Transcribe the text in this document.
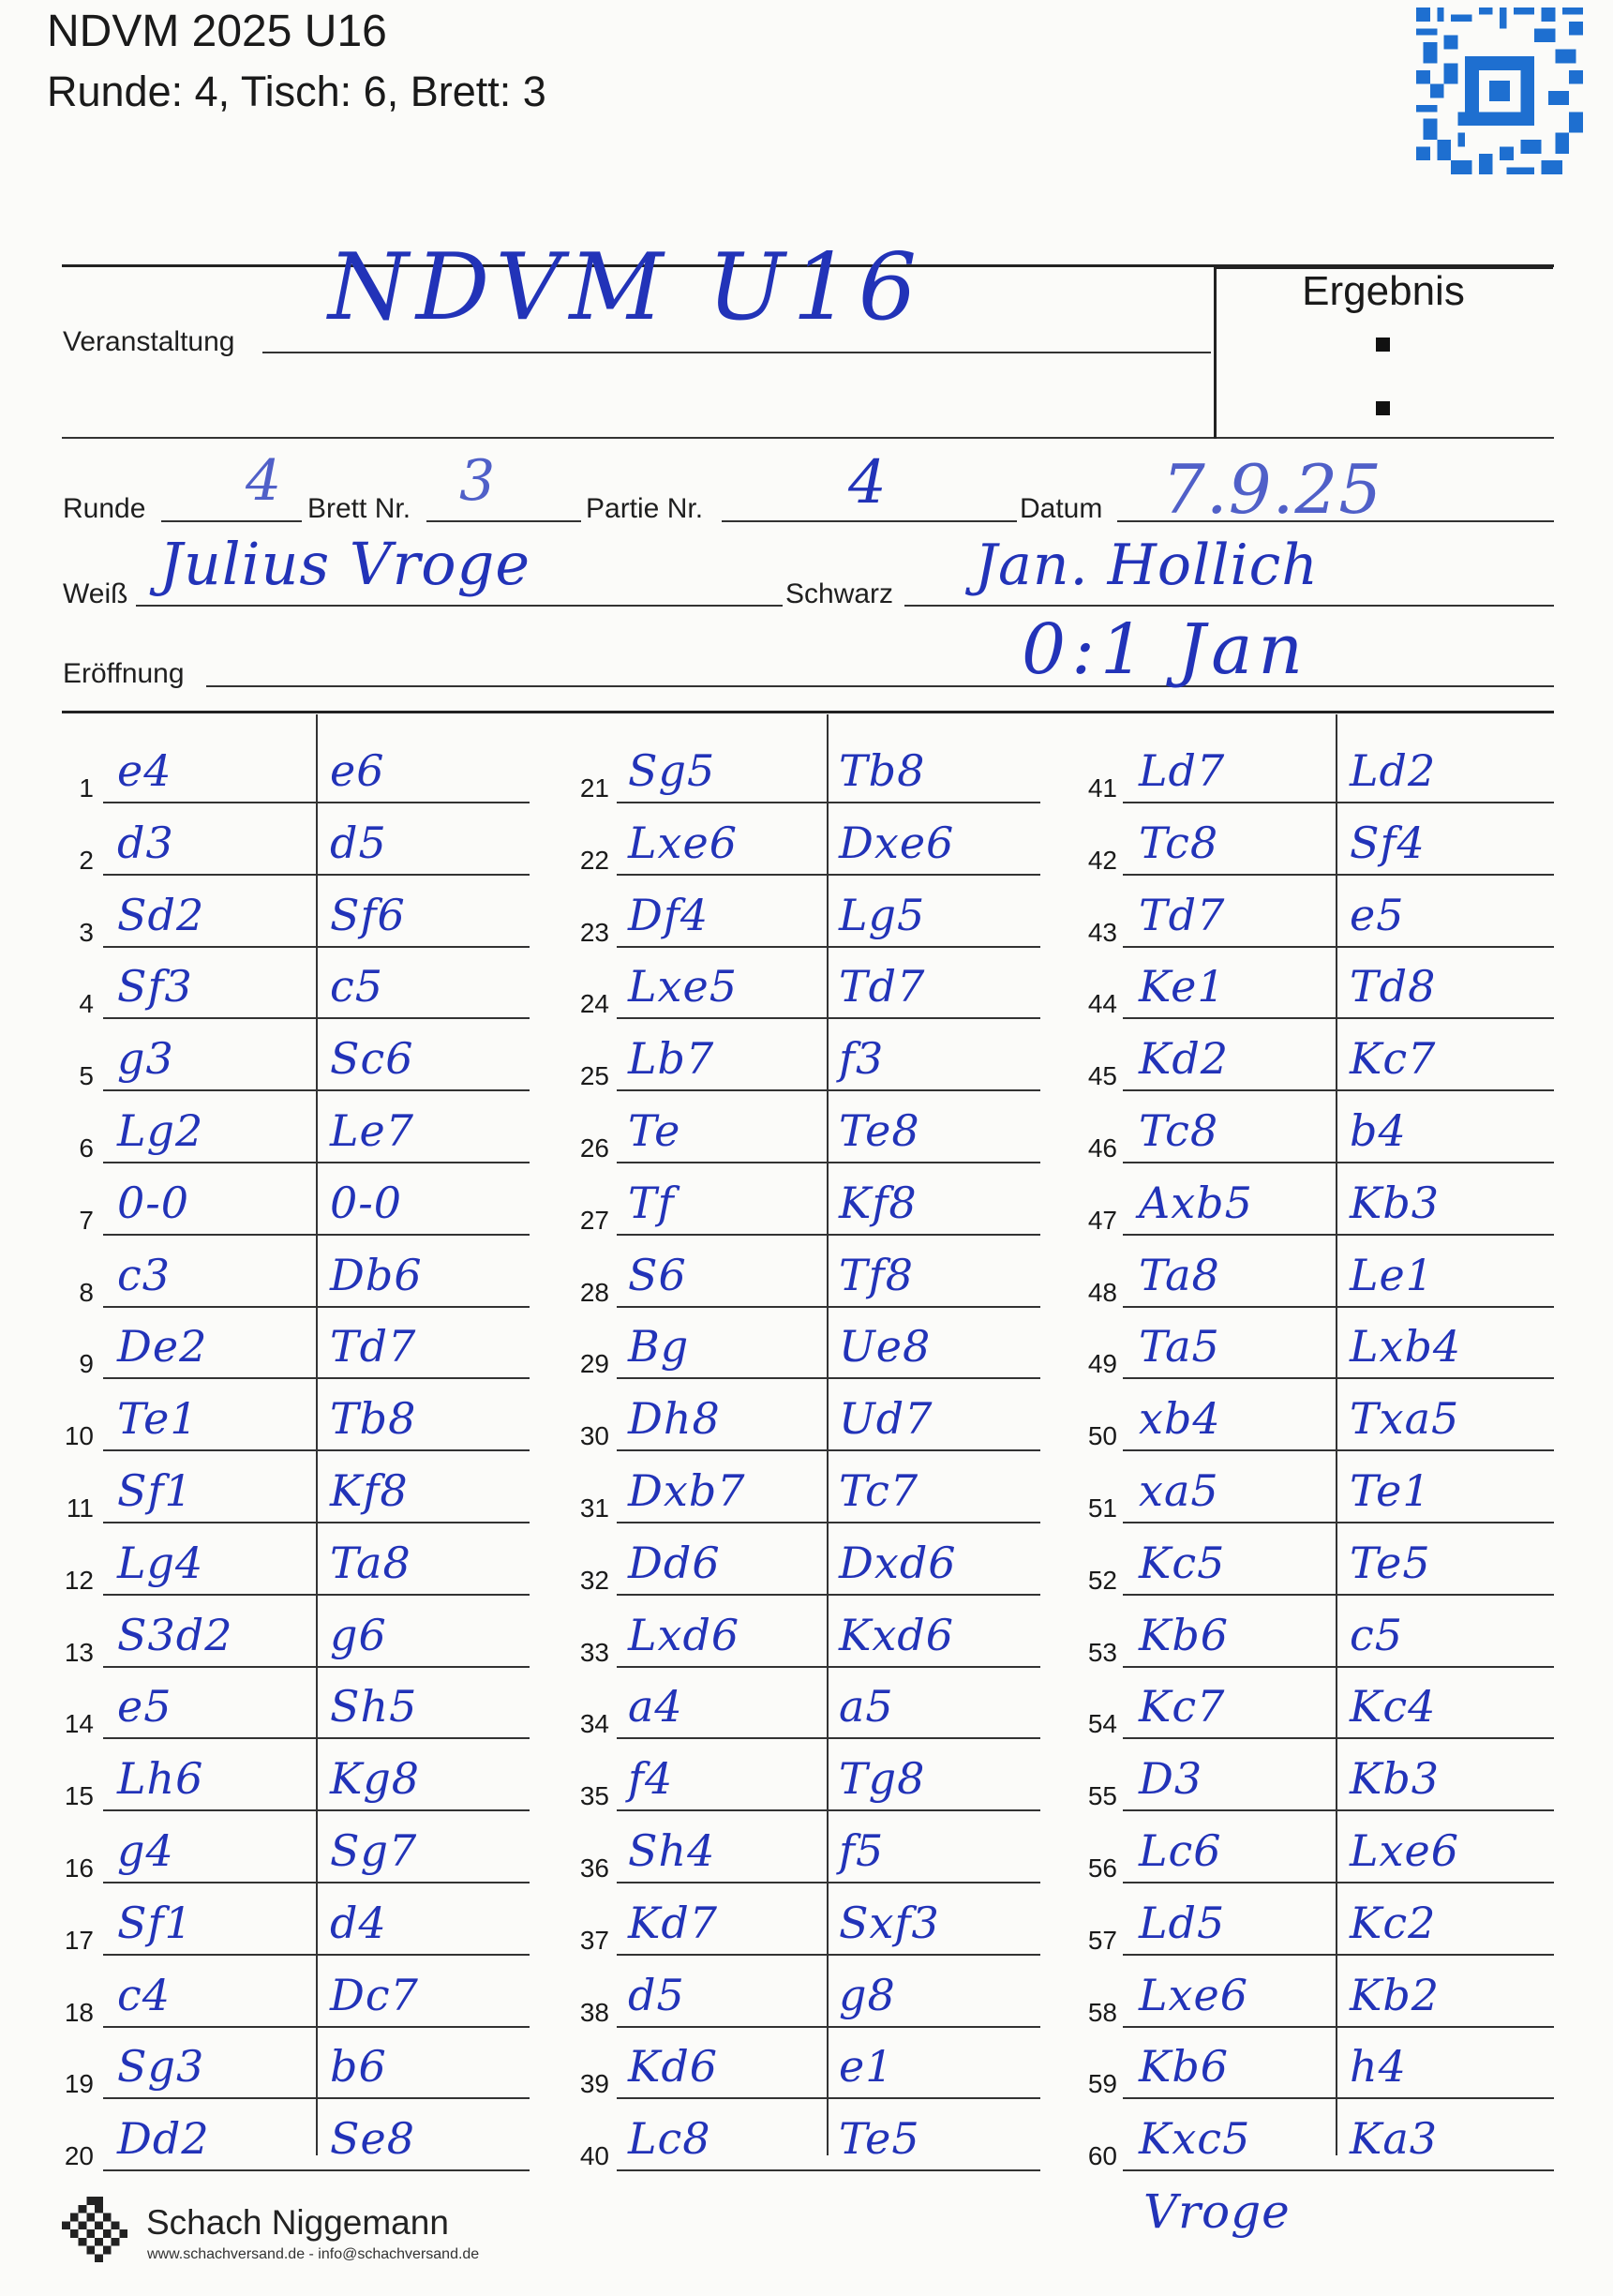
NDVM 2025 U16
Runde: 4, Tisch: 6, Brett: 3
Ergebnis
Veranstaltung
NDVM U16
Runde 4 Brett Nr. 3	Partie Nr. 4	Datum 7.9.25
Weiß Julius Vroge	Schwarz Jan. Hollich
Eröffnung	0:1 Jan
1 e4	e6
2 d3	d5
3 Sd2	Sf6
4 Sf3	c5
5 g3	Sc6
6 Lg2	Le7
7 0-0	0-0
8 c3	Db6
9 De2	Td7
10 Te1	Tb8
11 Sf1	Kf8
12 Lg4	Ta8
13 S3d2 g6
14 e5	Sh5
15 Lh6	Kg8
16 g4	Sg7
17 Sf1	d4
18 c4	Dc7
19 Sg3	b6
20 Dd2	Se8
21 Sg5	Tb8
22 Lxe6 Dxe6
23 Df4	Lg5
24 Lxe5 Td7
25 Lb7	f3
26 Te	Te8
27 Tf	Kf8
28 S6	Tf8
29 Bg	Ue8
30 Dh8	Ud7
31 Dxb7 Tc7
32 Dd6	Dxd6
33 Lxd6 Kxd6
34 a4	a5
35 f4	Tg8
36 Sh4	f5
37 Kd7	Sxf3
38 d5	g8
39 Kd6	e1
40 Lc8	Te5
41 Ld7	Ld2
42 Tc8	Sf4
43 Td7	e5
44 Ke1	Td8
45 Kd2	Kc7
46 Tc8	b4
47 Axb5 Kb3
48 Ta8	Le1
49 Ta5	Lxb4
50 xb4	Txa5
51 xa5	Te1
52 Kc5	Te5
53 Kb6	c5
54 Kc7	Kc4
55 D3	Kb3
56 Lc6	Lxe6
57 Ld5	Kc2
58 Lxe6 Kb2
59 Kb6	h4
60 Kxc5 Ka3
Vroge
Schach Niggemann
www.schachversand.de - info@schachversand.de
